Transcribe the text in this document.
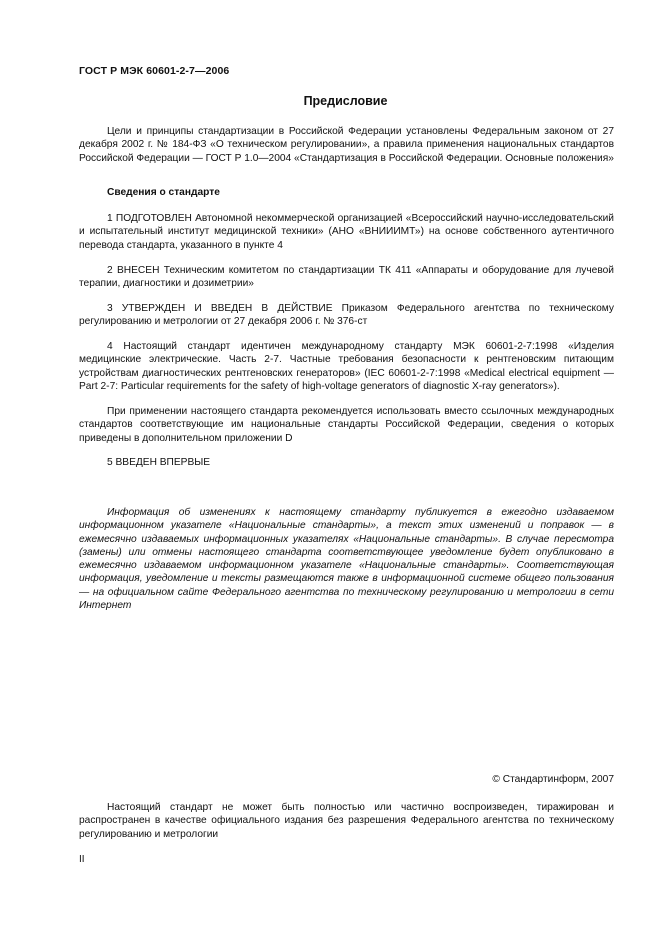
ГОСТ Р МЭК 60601-2-7—2006
Предисловие

Цели и принципы стандартизации в Российской Федерации установлены Федеральным законом от 27 декабря 2002 г. № 184-ФЗ «О техническом регулировании», а правила применения национальных стандартов Российской Федерации — ГОСТ Р 1.0—2004 «Стандартизация в Российской Федерации. Основные положения»

Сведения о стандарте

1 ПОДГОТОВЛЕН Автономной некоммерческой организацией «Всероссийский научно-исследовательский и испытательный институт медицинской техники» (АНО «ВНИИИМТ») на основе собственного аутентичного перевода стандарта, указанного в пункте 4

2 ВНЕСЕН Техническим комитетом по стандартизации ТК 411 «Аппараты и оборудование для лучевой терапии, диагностики и дозиметрии»

3 УТВЕРЖДЕН И ВВЕДЕН В ДЕЙСТВИЕ Приказом Федерального агентства по техническому регулированию и метрологии от 27 декабря 2006 г. № 376-ст

4 Настоящий стандарт идентичен международному стандарту МЭК 60601-2-7:1998 «Изделия медицинские электрические. Часть 2-7. Частные требования безопасности к рентгеновским питающим устройствам диагностических рентгеновских генераторов» (IEC 60601-2-7:1998 «Medical electrical equipment — Part 2-7: Particular requirements for the safety of high-voltage generators of diagnostic X-ray generators»).

При применении настоящего стандарта рекомендуется использовать вместо ссылочных международных стандартов соответствующие им национальные стандарты Российской Федерации, сведения о которых приведены в дополнительном приложении D

5 ВВЕДЕН ВПЕРВЫЕ

Информация об изменениях к настоящему стандарту публикуется в ежегодно издаваемом информационном указателе «Национальные стандарты», а текст этих изменений и поправок — в ежемесячно издаваемых информационных указателях «Национальные стандарты». В случае пересмотра (замены) или отмены настоящего стандарта соответствующее уведомление будет опубликовано в ежемесячно издаваемом информационном указателе «Национальные стандарты». Соответствующая информация, уведомление и тексты размещаются также в информационной системе общего пользования — на официальном сайте Федерального агентства по техническому регулированию и метрологии в сети Интернет

© Стандартинформ, 2007

Настоящий стандарт не может быть полностью или частично воспроизведен, тиражирован и распространен в качестве официального издания без разрешения Федерального агентства по техническому регулированию и метрологии

II
